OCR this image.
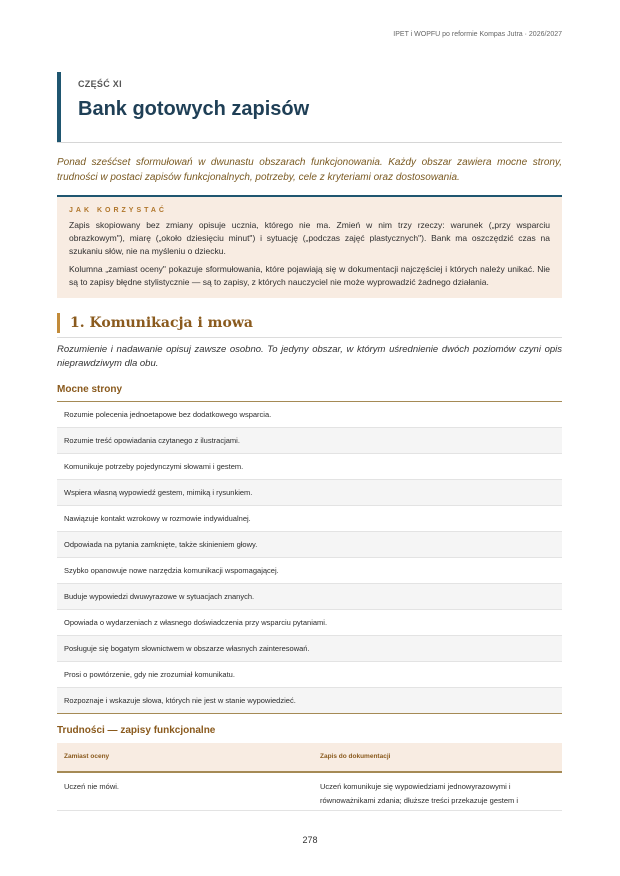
IPET i WOPFU po reformie Kompas Jutra · 2026/2027
CZĘŚĆ XI
Bank gotowych zapisów
Ponad sześćset sformułowań w dwunastu obszarach funkcjonowania. Każdy obszar zawiera mocne strony, trudności w postaci zapisów funkcjonalnych, potrzeby, cele z kryteriami oraz dostosowania.
JAK KORZYSTAĆ

Zapis skopiowany bez zmiany opisuje ucznia, którego nie ma. Zmień w nim trzy rzeczy: warunek („przy wsparciu obrazkowym"), miarę („około dziesięciu minut") i sytuację („podczas zajęć plastycznych"). Bank ma oszczędzić czas na szukaniu słów, nie na myśleniu o dziecku.

Kolumna „zamiast oceny" pokazuje sformułowania, które pojawiają się w dokumentacji najczęściej i których należy unikać. Nie są to zapisy błędne stylistycznie — są to zapisy, z których nauczyciel nie może wyprowadzić żadnego działania.

1. Komunikacja i mowa
Rozumienie i nadawanie opisuj zawsze osobno. To jedyny obszar, w którym uśrednienie dwóch poziomów czyni opis nieprawdziwym dla obu.
Mocne strony
Rozumie polecenia jednoetapowe bez dodatkowego wsparcia.
Rozumie treść opowiadania czytanego z ilustracjami.
Komunikuje potrzeby pojedynczymi słowami i gestem.
Wspiera własną wypowiedź gestem, mimiką i rysunkiem.
Nawiązuje kontakt wzrokowy w rozmowie indywidualnej.
Odpowiada na pytania zamknięte, także skinieniem głowy.
Szybko opanowuje nowe narzędzia komunikacji wspomagającej.
Buduje wypowiedzi dwuwyrazowe w sytuacjach znanych.
Opowiada o wydarzeniach z własnego doświadczenia przy wsparciu pytaniami.
Posługuje się bogatym słownictwem w obszarze własnych zainteresowań.
Prosi o powtórzenie, gdy nie zrozumiał komunikatu.
Rozpoznaje i wskazuje słowa, których nie jest w stanie wypowiedzieć.
Trudności — zapisy funkcjonalne
Zamiast oceny	Zapis do dokumentacji
Uczeń nie mówi.	Uczeń komunikuje się wypowiedziami jednowyrazowymi i równoważnikami zdania; dłuższe treści przekazuje gestem i
278
